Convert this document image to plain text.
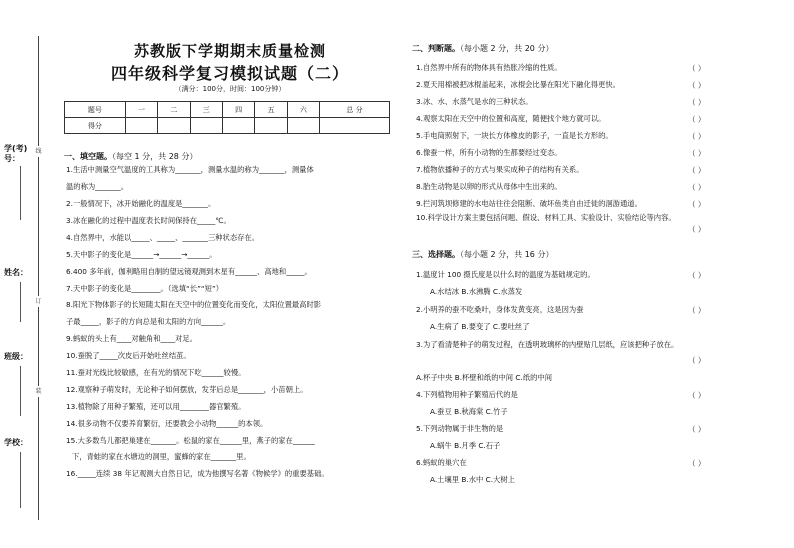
学(考)号：
姓名：
班级：
学校：
线
订
装
苏教版下学期期末质量检测
四年级科学复习模拟试题（二）
（满分：100分，时间：100分钟）
题号	一	二	三	四	五	六	总 分
得分							
一、填空题。（每空 1 分，共 28 分）
1.生活中测量空气温度的工具称为_______，测量水温的称为_______，测量体
温的称为_______。
2.一般情况下，冰开始融化的温度是_______。
3.冰在融化的过程中温度表长时间保持在_____℃。
4.自然界中，水能以_____、_____、_______三种状态存在。
5.天中影子的变化是______→______→______。
6.400 多年前，伽利略用自制的望远镜观测到木星有______、高地和_____。
7.天中影子的变化是________。（选填“长”“短”）
8.阳光下物体影子的长短随太阳在天空中的位置变化而变化，太阳位置最高时影
子最_____，影子的方向总是和太阳的方向______。
9.蚂蚁的头上有____对触角和____对足。
10.蚕脱了_____次皮后开始吐丝结茧。
11.蚕对光线比较敏感，在有光的情况下吃______较慢。
12.观察种子萌发时，无论种子如何摆放，发芽后总是_______，小苗朝上。
13.植物除了用种子繁殖，还可以用________器官繁殖。
14.很多动物不仅要养育繁衍，还要教会小动物______的本领。
15.大多数鸟儿都把巢建在_______。松鼠的家在______里，燕子的家在______
下，青蛙的家在水塘边的洞里，蜜蜂的家在_______里。
16._____连续 38 年记观测大自然日记，成为他撰写名著《物候学》的重要基础。
二、判断题。（每小题 2 分，共 20 分）
1.自然界中所有的物体具有热胀冷缩的性质。	（ ）
2.夏天用棉被把冰棍盖起来，冰棍会比暴在阳光下融化得更快。	（ ）
3.冰、水、水蒸气是水的三种状态。	（ ）
4.观察太阳在天空中的位置和高度，随便找个地方就可以。	（ ）
5.手电筒照射下，一块长方体橡皮的影子，一直是长方形的。	（ ）
6.像蚕一样，所有小动物的生都要经过变态。	（ ）
7.植物依播种子的方式与果实成种子的结构有关系。	（ ）
8.胎生动物是以卵的形式从母体中生出来的。	（ ）
9.拦河筑坝修建的水电站往往会阻断、破坏鱼类自由迁徙的洄游通道。	（ ）
10.科学设计方案主要包括问题、假设、材料工具、实验设计、实验结论等内容。
（ ）
三、选择题。（每小题 2 分，共 16 分）
1.温度计 100 摄氏度是以什么时的温度为基础规定的。	（ ）
A.水结冰 B.水沸腾 C.水蒸发
2.小明养的蚕不吃桑叶，身体发黄变亮，这是因为蚕	（ ）
A.生病了 B.要变了 C.要吐丝了
3.为了看清楚种子的萌发过程，在透明玻璃杯的内壁贴几层纸，应该把种子放在。
（ ）
A.杯子中央 B.杯壁和纸的中间 C.纸的中间
4.下列植物用种子繁殖后代的是	（ ）
A.蚕豆 B.秋海棠 C.竹子
5.下列动物属于非生物的是	（ ）
A.蜗牛 B.月季 C.石子
6.蚂蚁的巢穴在	（ ）
A.土壤里 B.水中 C.大树上
